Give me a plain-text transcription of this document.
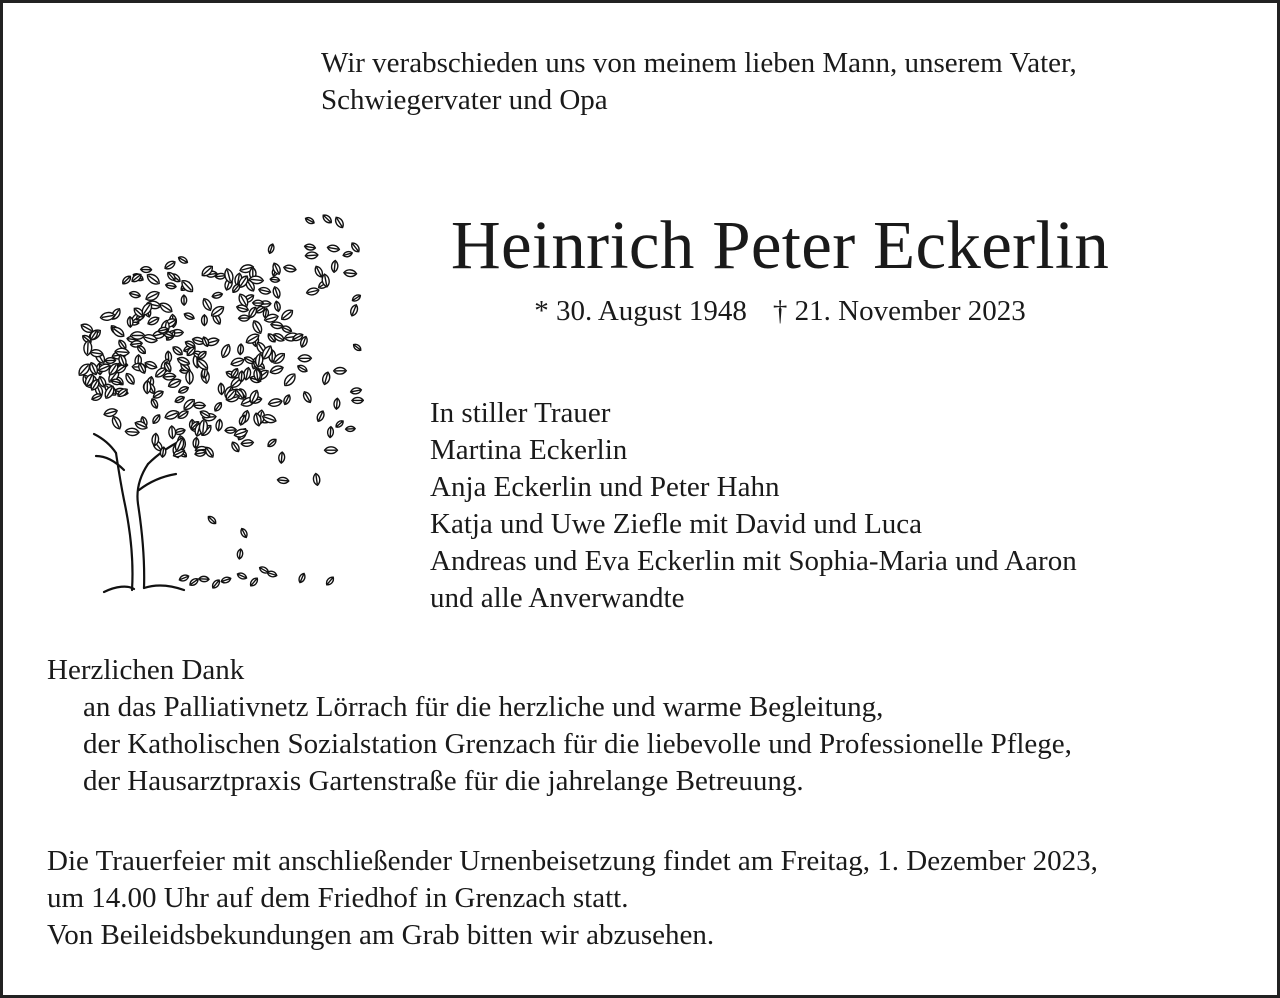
Wir verabschieden uns von meinem lieben Mann, unserem Vater,
Schwiegervater und Opa
Heinrich Peter Eckerlin
* 30. August 1948 † 21. November 2023
In stiller Trauer
Martina Eckerlin
Anja Eckerlin und Peter Hahn
Katja und Uwe Ziefle mit David und Luca
Andreas und Eva Eckerlin mit Sophia-Maria und Aaron
und alle Anverwandte
Herzlichen Dank
an das Palliativnetz Lörrach für die herzliche und warme Begleitung,
der Katholischen Sozialstation Grenzach für die liebevolle und Professionelle Pflege,
der Hausarztpraxis Gartenstraße für die jahrelange Betreuung.
Die Trauerfeier mit anschließender Urnenbeisetzung findet am Freitag, 1. Dezember 2023,
um 14.00 Uhr auf dem Friedhof in Grenzach statt.
Von Beileidsbekundungen am Grab bitten wir abzusehen.
